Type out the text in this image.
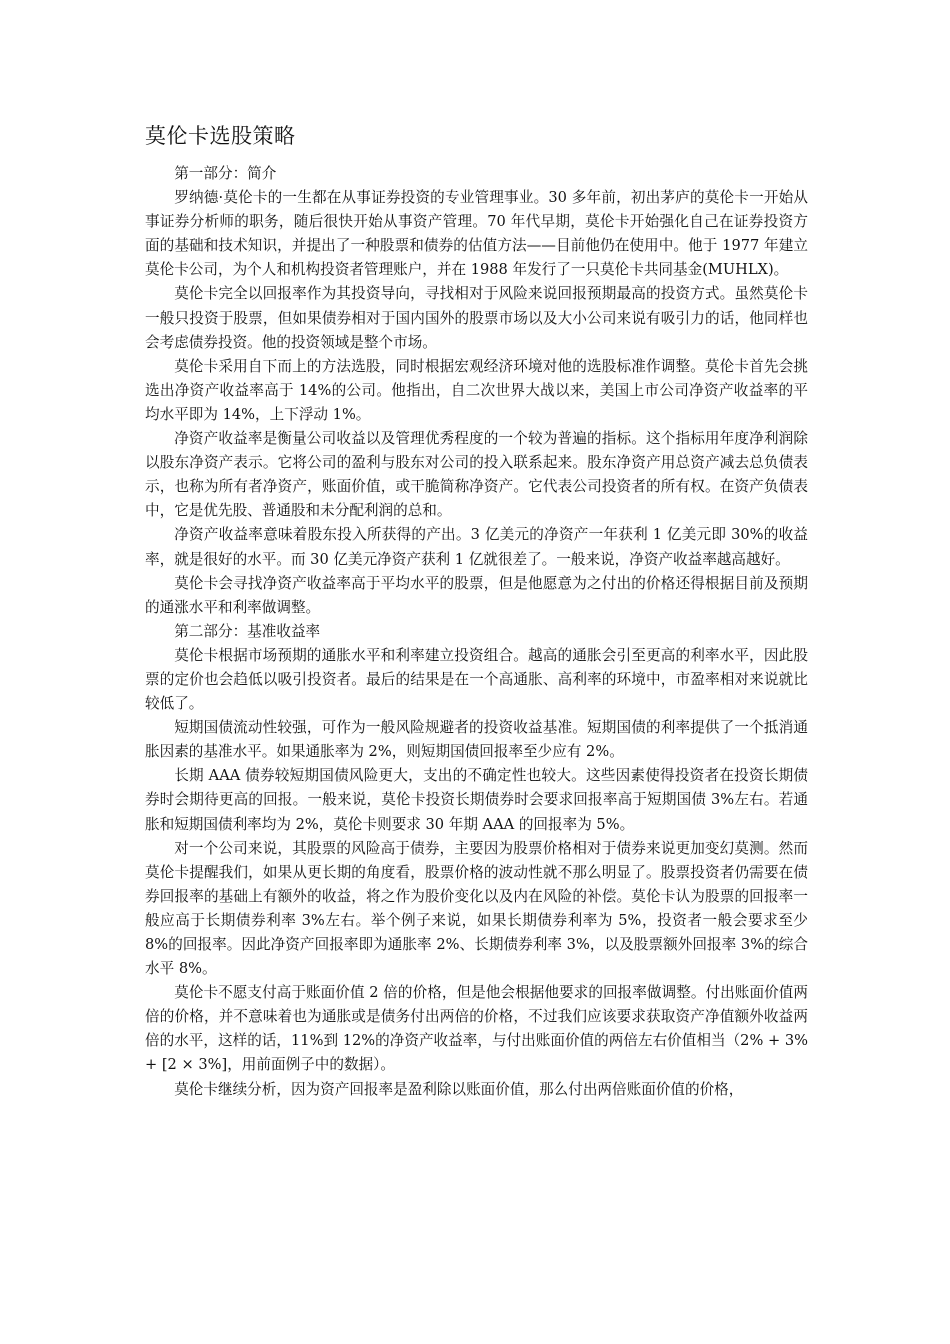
莫伦卡选股策略

第一部分：简介

罗纳德·莫伦卡的一生都在从事证券投资的专业管理事业。30 多年前，初出茅庐的莫伦卡一开始从事证券分析师的职务，随后很快开始从事资产管理。70 年代早期，莫伦卡开始强化自己在证券投资方面的基础和技术知识，并提出了一种股票和债券的估值方法——目前他仍在使用中。他于 1977 年建立莫伦卡公司，为个人和机构投资者管理账户，并在 1988 年发行了一只莫伦卡共同基金(MUHLX)。

莫伦卡完全以回报率作为其投资导向，寻找相对于风险来说回报预期最高的投资方式。虽然莫伦卡一般只投资于股票，但如果债券相对于国内国外的股票市场以及大小公司来说有吸引力的话，他同样也会考虑债券投资。他的投资领域是整个市场。

莫伦卡采用自下而上的方法选股，同时根据宏观经济环境对他的选股标准作调整。莫伦卡首先会挑选出净资产收益率高于 14%的公司。他指出，自二次世界大战以来，美国上市公司净资产收益率的平均水平即为 14%，上下浮动 1%。

净资产收益率是衡量公司收益以及管理优秀程度的一个较为普遍的指标。这个指标用年度净利润除以股东净资产表示。它将公司的盈利与股东对公司的投入联系起来。股东净资产用总资产减去总负债表示，也称为所有者净资产，账面价值，或干脆简称净资产。它代表公司投资者的所有权。在资产负债表中，它是优先股、普通股和未分配利润的总和。

净资产收益率意味着股东投入所获得的产出。3 亿美元的净资产一年获利 1 亿美元即 30%的收益率，就是很好的水平。而 30 亿美元净资产获利 1 亿就很差了。一般来说，净资产收益率越高越好。

莫伦卡会寻找净资产收益率高于平均水平的股票，但是他愿意为之付出的价格还得根据目前及预期的通涨水平和利率做调整。

第二部分：基准收益率

莫伦卡根据市场预期的通胀水平和利率建立投资组合。越高的通胀会引至更高的利率水平，因此股票的定价也会趋低以吸引投资者。最后的结果是在一个高通胀、高利率的环境中，市盈率相对来说就比较低了。

短期国债流动性较强，可作为一般风险规避者的投资收益基准。短期国债的利率提供了一个抵消通胀因素的基准水平。如果通胀率为 2%，则短期国债回报率至少应有 2%。

长期 AAA 债券较短期国债风险更大，支出的不确定性也较大。这些因素使得投资者在投资长期债券时会期待更高的回报。一般来说，莫伦卡投资长期债券时会要求回报率高于短期国债 3%左右。若通胀和短期国债利率均为 2%，莫伦卡则要求 30 年期 AAA 的回报率为 5%。

对一个公司来说，其股票的风险高于债券，主要因为股票价格相对于债券来说更加变幻莫测。然而莫伦卡提醒我们，如果从更长期的角度看，股票价格的波动性就不那么明显了。股票投资者仍需要在债券回报率的基础上有额外的收益，将之作为股价变化以及内在风险的补偿。莫伦卡认为股票的回报率一般应高于长期债券利率 3%左右。举个例子来说，如果长期债券利率为 5%，投资者一般会要求至少 8%的回报率。因此净资产回报率即为通胀率 2%、长期债券利率 3%，以及股票额外回报率 3%的综合水平 8%。

莫伦卡不愿支付高于账面价值 2 倍的价格，但是他会根据他要求的回报率做调整。付出账面价值两倍的价格，并不意味着也为通胀或是债务付出两倍的价格，不过我们应该要求获取资产净值额外收益两倍的水平，这样的话，11%到 12%的净资产收益率，与付出账面价值的两倍左右价值相当（2% + 3% + [2 × 3%]，用前面例子中的数据）。

莫伦卡继续分析，因为资产回报率是盈利除以账面价值，那么付出两倍账面价值的价格，
